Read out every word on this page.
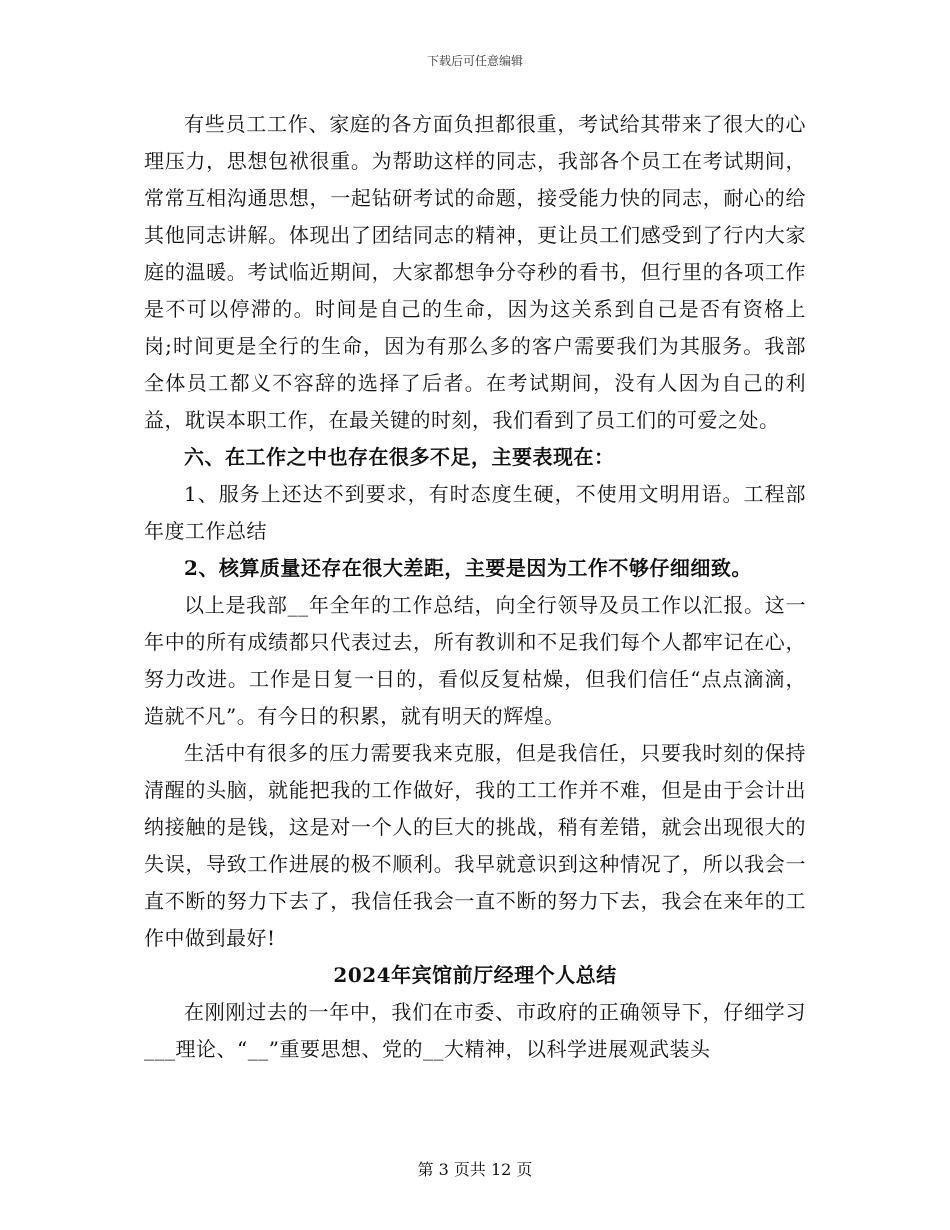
下载后可任意编辑

有些员工工作、家庭的各方面负担都很重，考试给其带来了很大的心理压力，思想包袱很重。为帮助这样的同志，我部各个员工在考试期间，常常互相沟通思想，一起钻研考试的命题，接受能力快的同志，耐心的给其他同志讲解。体现出了团结同志的精神，更让员工们感受到了行内大家庭的温暖。考试临近期间，大家都想争分夺秒的看书，但行里的各项工作是不可以停滞的。时间是自己的生命，因为这关系到自己是否有资格上岗;时间更是全行的生命，因为有那么多的客户需要我们为其服务。我部全体员工都义不容辞的选择了后者。在考试期间，没有人因为自己的利益，耽误本职工作，在最关键的时刻，我们看到了员工们的可爱之处。

六、在工作之中也存在很多不足，主要表现在：

1、服务上还达不到要求，有时态度生硬，不使用文明用语。工程部年度工作总结

2、核算质量还存在很大差距，主要是因为工作不够仔细细致。

以上是我部__年全年的工作总结，向全行领导及员工作以汇报。这一年中的所有成绩都只代表过去，所有教训和不足我们每个人都牢记在心，努力改进。工作是日复一日的，看似反复枯燥，但我们信任“点点滴滴，造就不凡”。有今日的积累，就有明天的辉煌。

生活中有很多的压力需要我来克服，但是我信任，只要我时刻的保持清醒的头脑，就能把我的工作做好，我的工工作并不难，但是由于会计出纳接触的是钱，这是对一个人的巨大的挑战，稍有差错，就会出现很大的失误，导致工作进展的极不顺利。我早就意识到这种情况了，所以我会一直不断的努力下去了，我信任我会一直不断的努力下去，我会在来年的工作中做到最好!

2024年宾馆前厅经理个人总结

在刚刚过去的一年中，我们在市委、市政府的正确领导下，仔细学习___理论、“__”重要思想、党的__大精神，以科学进展观武装头

第 3 页共 12 页
